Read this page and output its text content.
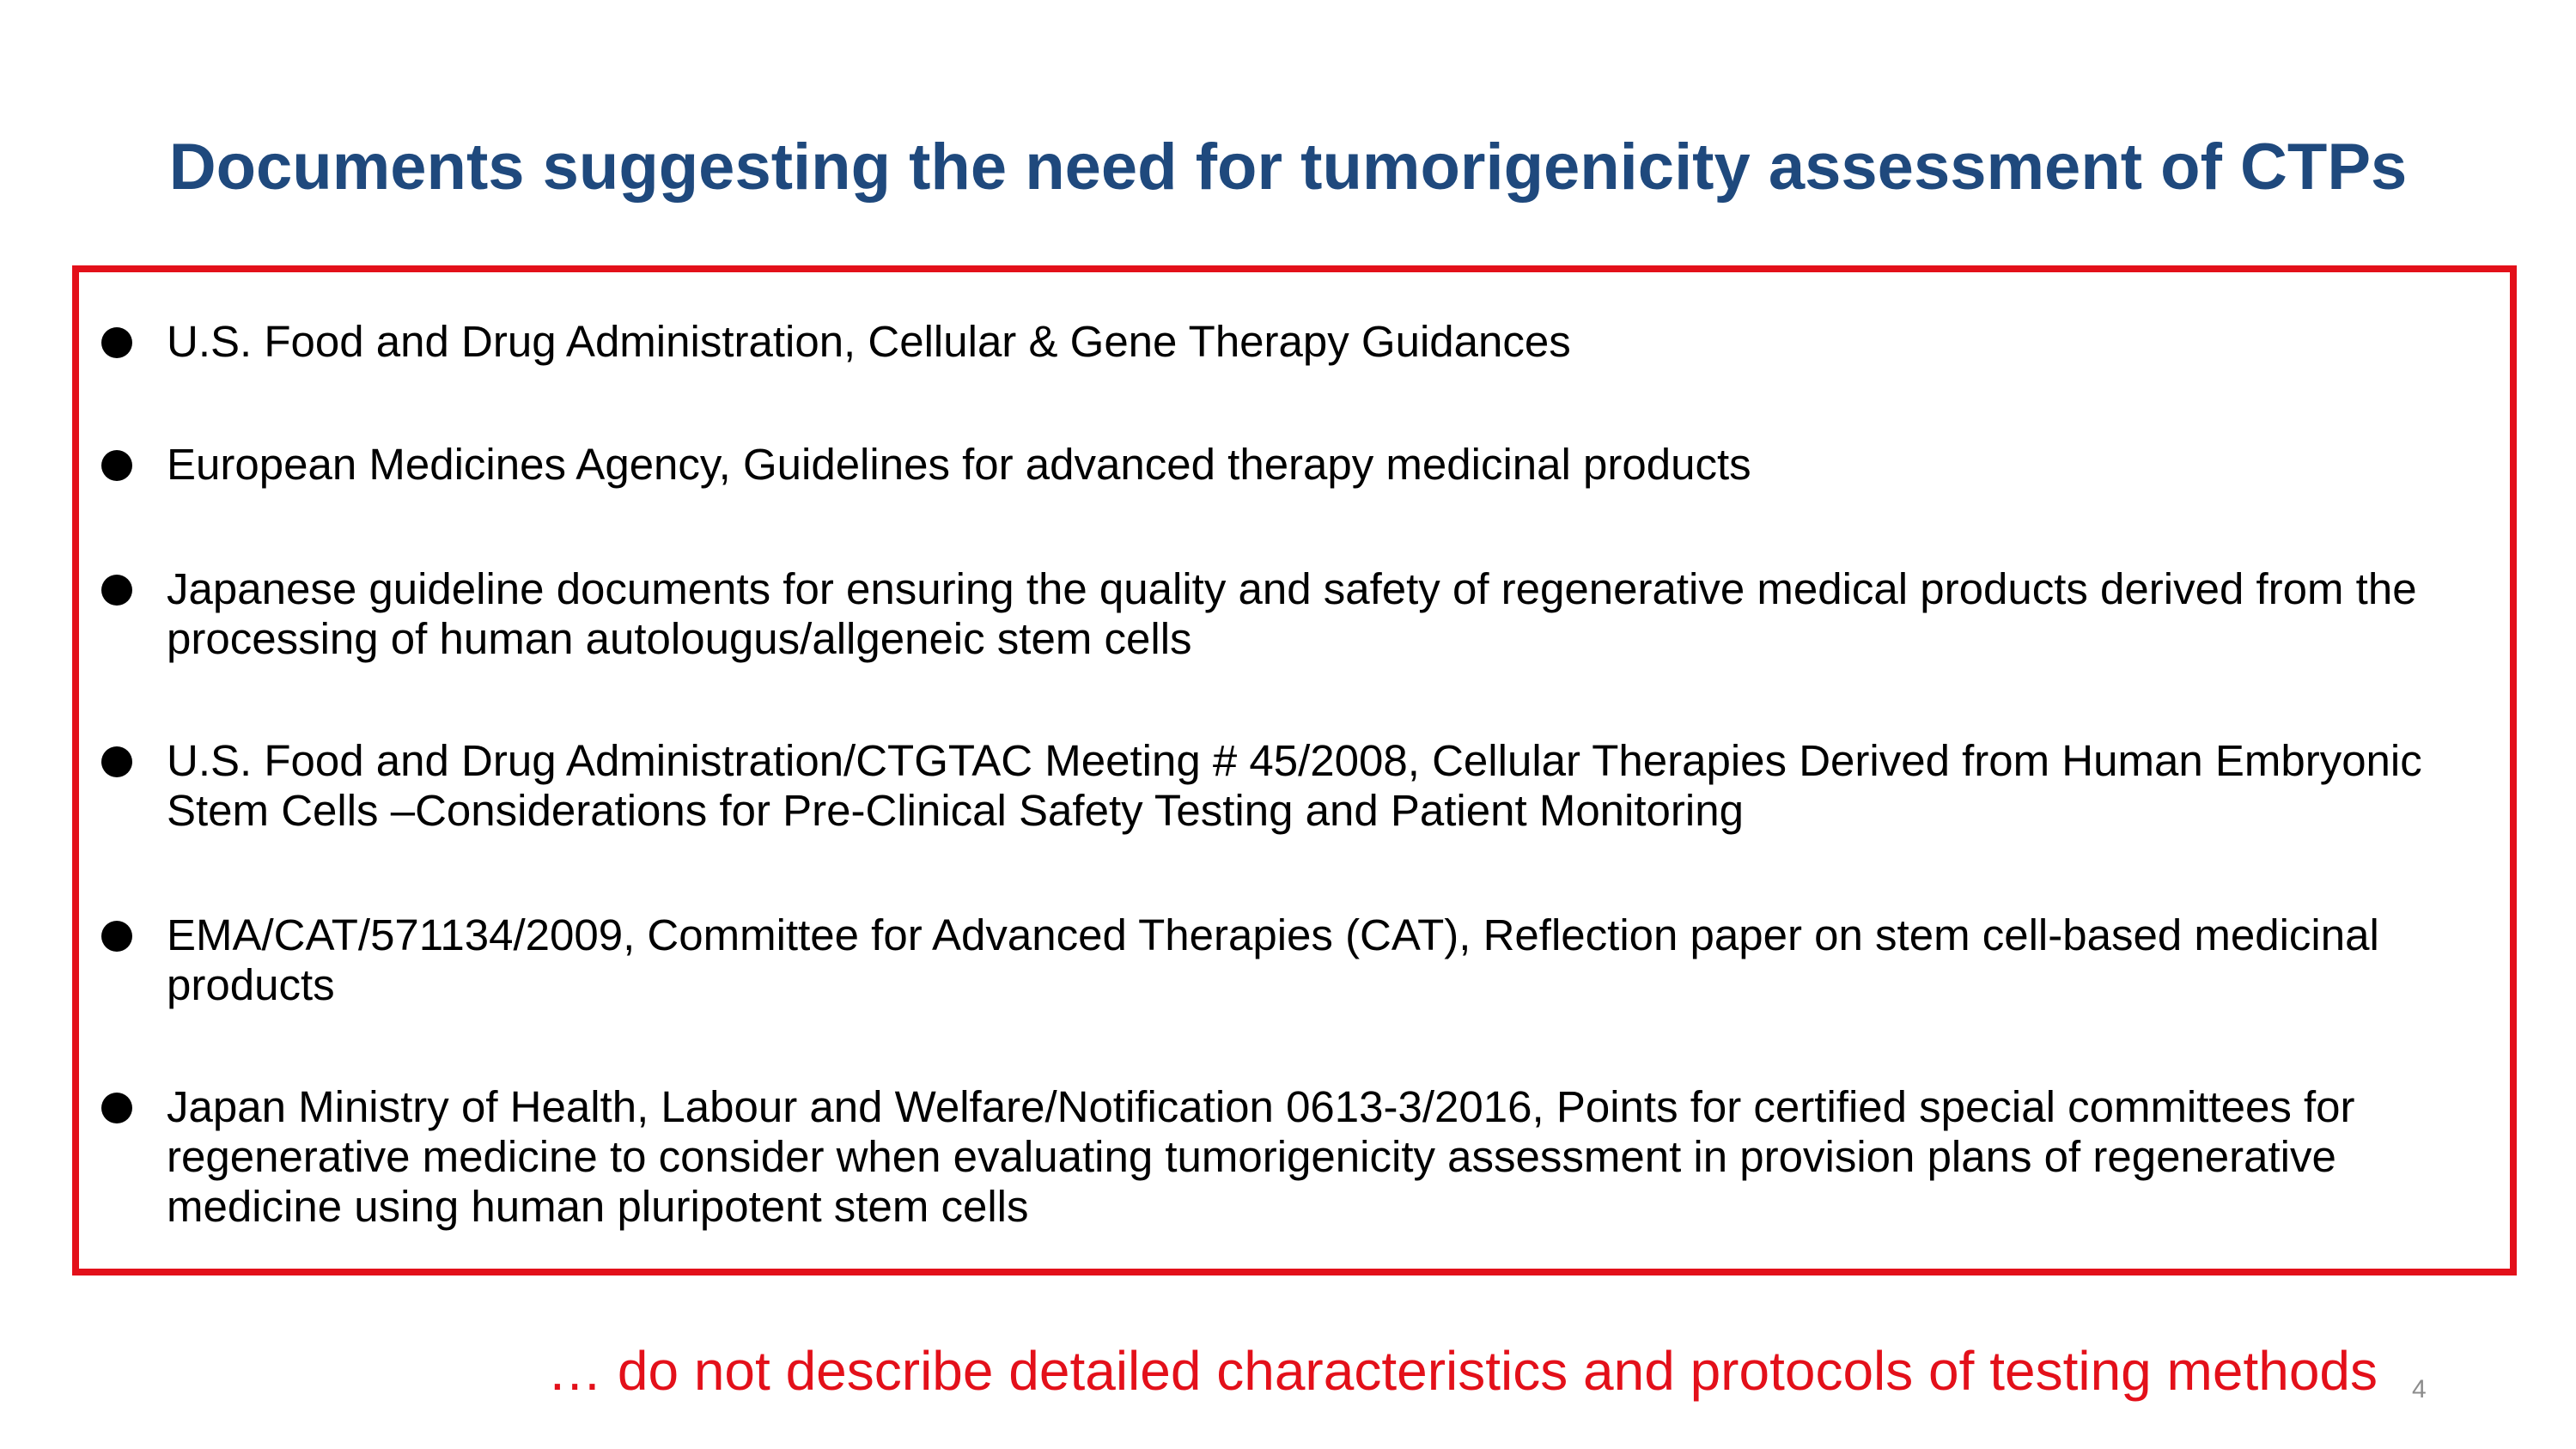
Documents suggesting the need for tumorigenicity assessment of CTPs

U.S. Food and Drug Administration, Cellular & Gene Therapy Guidances

European Medicines Agency, Guidelines for advanced therapy medicinal products

Japanese guideline documents for ensuring the quality and safety of regenerative medical products derived from the processing of human autolougus/allgeneic stem cells

U.S. Food and Drug Administration/CTGTAC Meeting # 45/2008, Cellular Therapies Derived from Human Embryonic Stem Cells –Considerations for Pre-Clinical Safety Testing and Patient Monitoring

EMA/CAT/571134/2009, Committee for Advanced Therapies (CAT), Reflection paper on stem cell-based medicinal products

Japan Ministry of Health, Labour and Welfare/Notification 0613-3/2016, Points for certified special committees for regenerative medicine to consider when evaluating tumorigenicity assessment in provision plans of regenerative medicine using human pluripotent stem cells

… do not describe detailed characteristics and protocols of testing methods 4
